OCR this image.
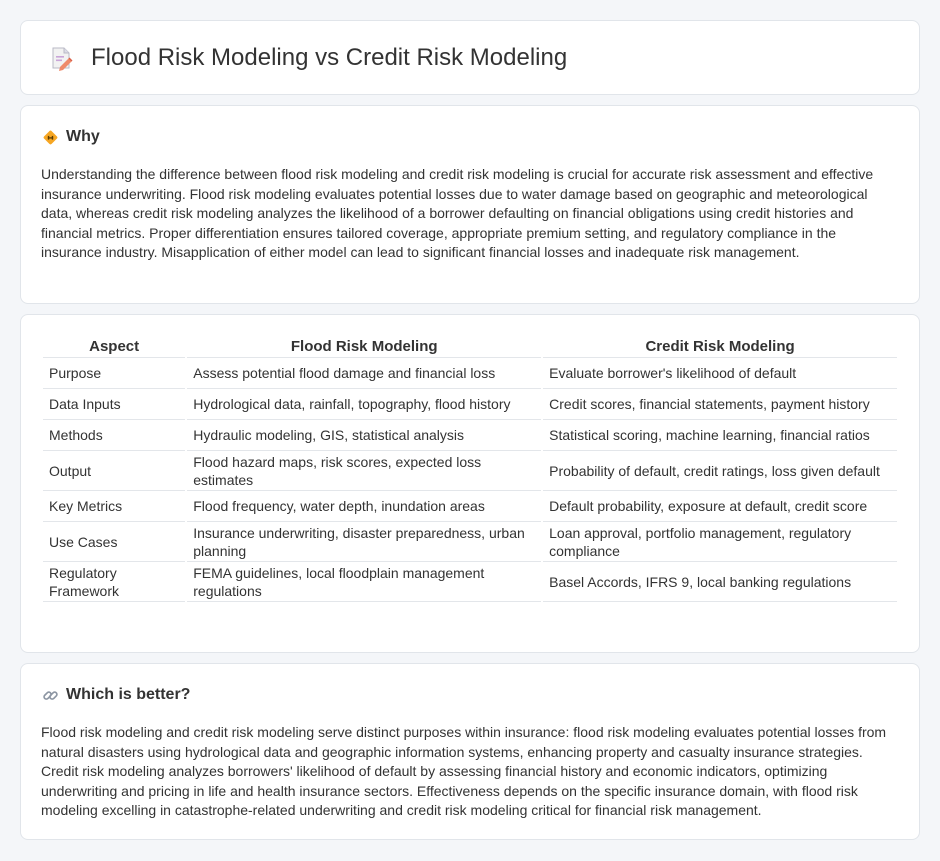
Flood Risk Modeling vs Credit Risk Modeling
Why

Understanding the difference between flood risk modeling and credit risk modeling is crucial for accurate risk assessment and effective insurance underwriting. Flood risk modeling evaluates potential losses due to water damage based on geographic and meteorological data, whereas credit risk modeling analyzes the likelihood of a borrower defaulting on financial obligations using credit histories and financial metrics. Proper differentiation ensures tailored coverage, appropriate premium setting, and regulatory compliance in the insurance industry. Misapplication of either model can lead to significant financial losses and inadequate risk management.

Aspect	Flood Risk Modeling	Credit Risk Modeling
Purpose	Assess potential flood damage and financial loss	Evaluate borrower's likelihood of default
Data Inputs	Hydrological data, rainfall, topography, flood history	Credit scores, financial statements, payment history
Methods	Hydraulic modeling, GIS, statistical analysis	Statistical scoring, machine learning, financial ratios
Output	Flood hazard maps, risk scores, expected loss estimates	Probability of default, credit ratings, loss given default
Key Metrics	Flood frequency, water depth, inundation areas	Default probability, exposure at default, credit score
Use Cases	Insurance underwriting, disaster preparedness, urban planning	Loan approval, portfolio management, regulatory compliance
Regulatory Framework	FEMA guidelines, local floodplain management regulations	Basel Accords, IFRS 9, local banking regulations
Which is better?

Flood risk modeling and credit risk modeling serve distinct purposes within insurance: flood risk modeling evaluates potential losses from natural disasters using hydrological data and geographic information systems, enhancing property and casualty insurance strategies. Credit risk modeling analyzes borrowers' likelihood of default by assessing financial history and economic indicators, optimizing underwriting and pricing in life and health insurance sectors. Effectiveness depends on the specific insurance domain, with flood risk modeling excelling in catastrophe-related underwriting and credit risk modeling critical for financial risk management.
